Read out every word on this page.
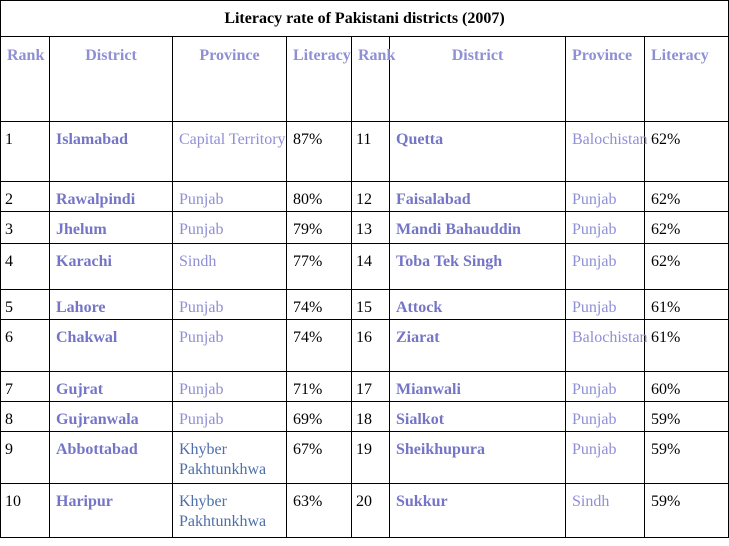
Literacy rate of Pakistani districts (2007)							
Rank	District	Province	Literacy	Rank	District	Province	Literacy
1	Islamabad	Capital Territory	87%	11	Quetta	Balochistan	62%
2	Rawalpindi	Punjab	80%	12	Faisalabad	Punjab	62%
3	Jhelum	Punjab	79%	13	Mandi Bahauddin	Punjab	62%
4	Karachi	Sindh	77%	14	Toba Tek Singh	Punjab	62%
5	Lahore	Punjab	74%	15	Attock	Punjab	61%
6	Chakwal	Punjab	74%	16	Ziarat	Balochistan	61%
7	Gujrat	Punjab	71%	17	Mianwali	Punjab	60%
8	Gujranwala	Punjab	69%	18	Sialkot	Punjab	59%
9	Abbottabad	Khyber Pakhtunkhwa	67%	19	Sheikhupura	Punjab	59%
10	Haripur	Khyber Pakhtunkhwa	63%	20	Sukkur	Sindh	59%
